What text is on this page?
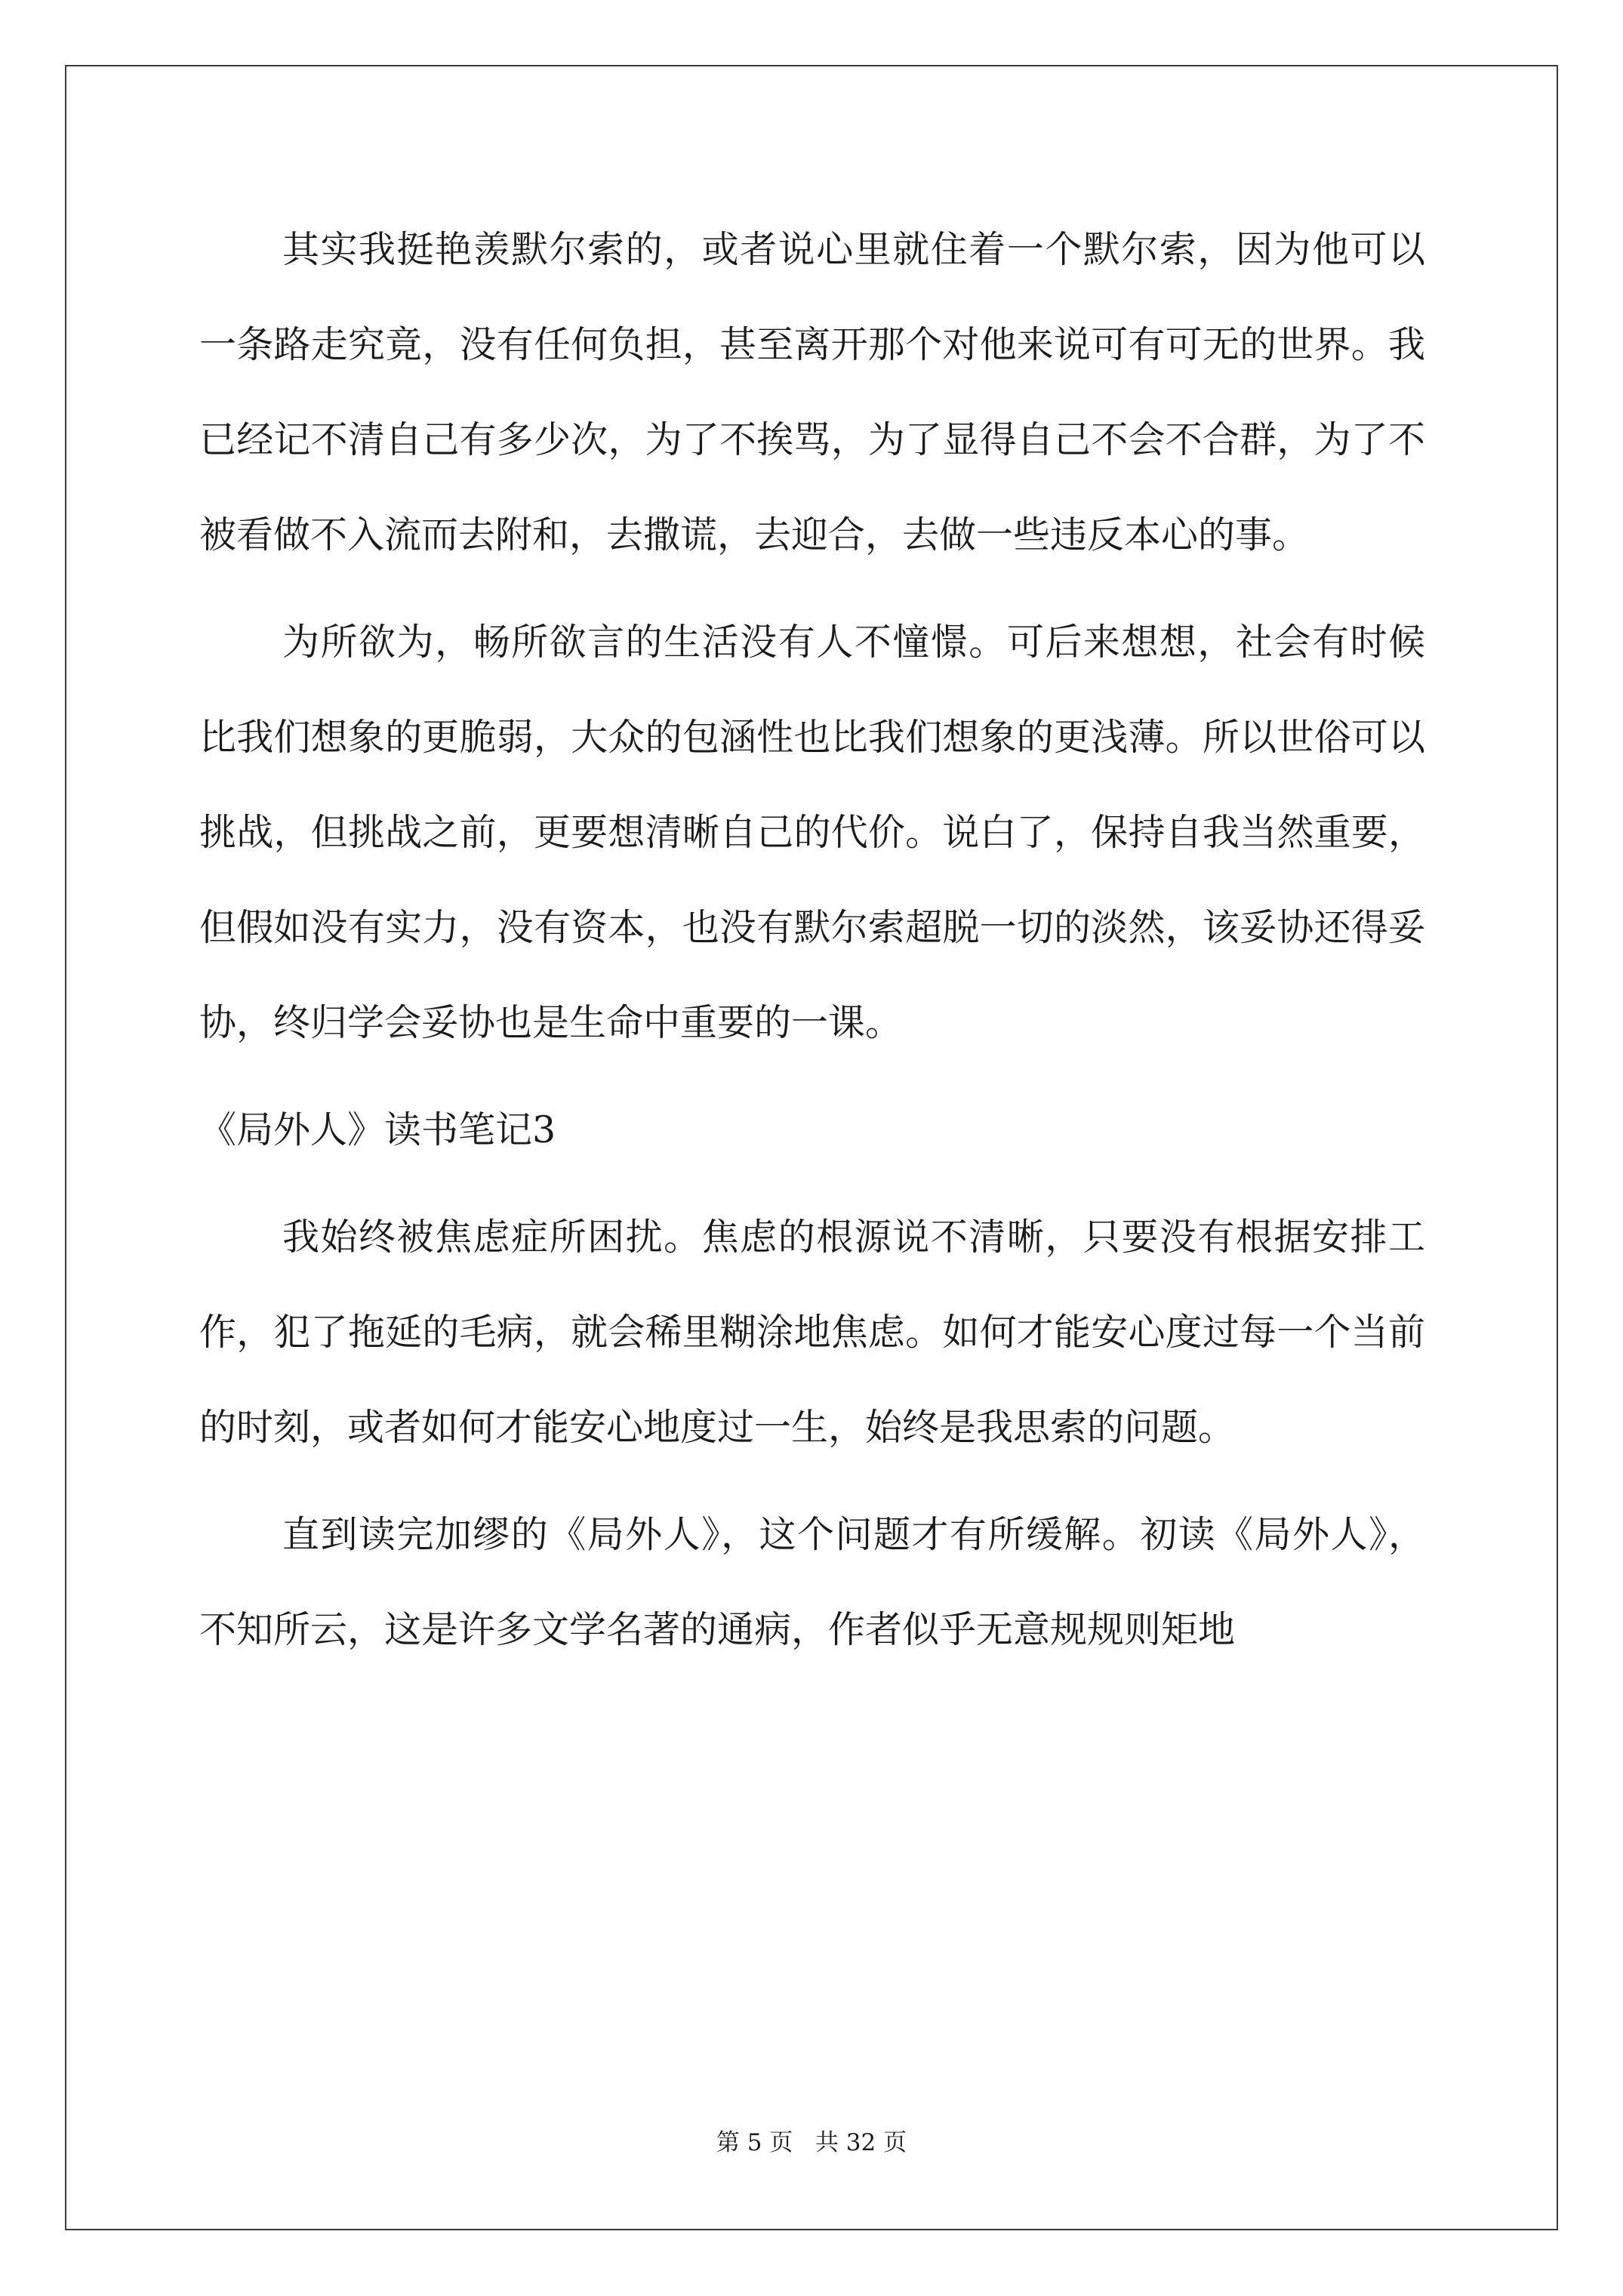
其实我挺艳羡默尔索的，或者说心里就住着一个默尔索，因为他可以一条路走究竟，没有任何负担，甚至离开那个对他来说可有可无的世界。我已经记不清自己有多少次，为了不挨骂，为了显得自己不会不合群，为了不被看做不入流而去附和，去撒谎，去迎合，去做一些违反本心的事。

为所欲为，畅所欲言的生活没有人不憧憬。可后来想想，社会有时候比我们想象的更脆弱，大众的包涵性也比我们想象的更浅薄。所以世俗可以挑战，但挑战之前，更要想清晰自己的代价。说白了，保持自我当然重要，但假如没有实力，没有资本，也没有默尔索超脱一切的淡然，该妥协还得妥协，终归学会妥协也是生命中重要的一课。

《局外人》读书笔记3

我始终被焦虑症所困扰。焦虑的根源说不清晰，只要没有根据安排工作，犯了拖延的毛病，就会稀里糊涂地焦虑。如何才能安心度过每一个当前的时刻，或者如何才能安心地度过一生，始终是我思索的问题。

直到读完加缪的《局外人》，这个问题才有所缓解。初读《局外人》，不知所云，这是许多文学名著的通病，作者似乎无意规规则矩地

第 5 页 共 32 页
